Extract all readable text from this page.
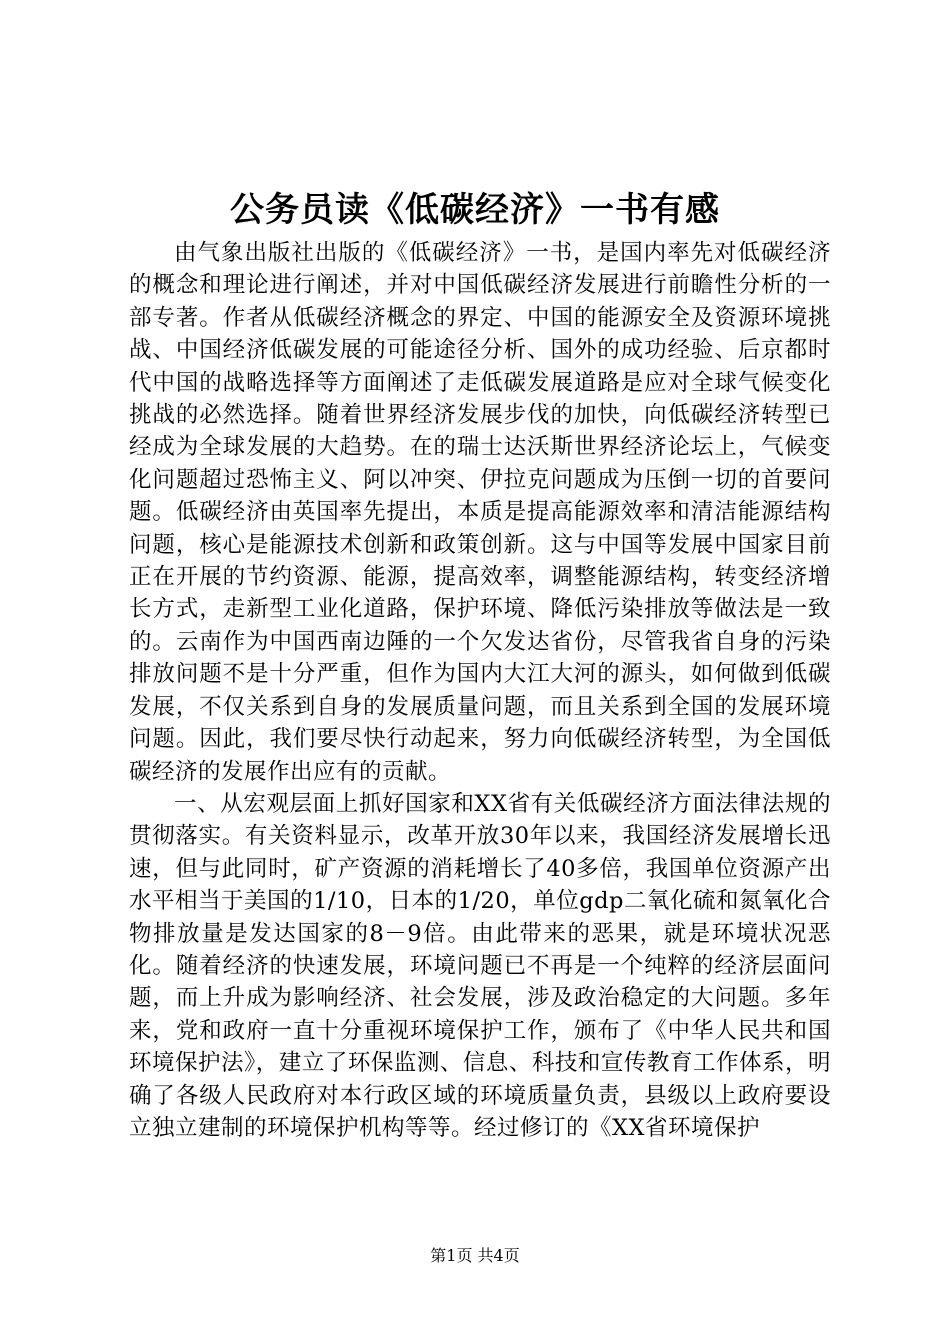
公务员读《低碳经济》一书有感

由气象出版社出版的《低碳经济》一书，是国内率先对低碳经济的概念和理论进行阐述，并对中国低碳经济发展进行前瞻性分析的一部专著。作者从低碳经济概念的界定、中国的能源安全及资源环境挑战、中国经济低碳发展的可能途径分析、国外的成功经验、后京都时代中国的战略选择等方面阐述了走低碳发展道路是应对全球气候变化挑战的必然选择。随着世界经济发展步伐的加快，向低碳经济转型已经成为全球发展的大趋势。在的瑞士达沃斯世界经济论坛上，气候变化问题超过恐怖主义、阿以冲突、伊拉克问题成为压倒一切的首要问题。低碳经济由英国率先提出，本质是提高能源效率和清洁能源结构问题，核心是能源技术创新和政策创新。这与中国等发展中国家目前正在开展的节约资源、能源，提高效率，调整能源结构，转变经济增长方式，走新型工业化道路，保护环境、降低污染排放等做法是一致的。云南作为中国西南边陲的一个欠发达省份，尽管我省自身的污染排放问题不是十分严重，但作为国内大江大河的源头，如何做到低碳发展，不仅关系到自身的发展质量问题，而且关系到全国的发展环境问题。因此，我们要尽快行动起来，努力向低碳经济转型，为全国低碳经济的发展作出应有的贡献。

一、从宏观层面上抓好国家和XX省有关低碳经济方面法律法规的贯彻落实。有关资料显示，改革开放30年以来，我国经济发展增长迅速，但与此同时，矿产资源的消耗增长了40多倍，我国单位资源产出水平相当于美国的1/10，日本的1/20，单位gdp二氧化硫和氮氧化合物排放量是发达国家的8－9倍。由此带来的恶果，就是环境状况恶化。随着经济的快速发展，环境问题已不再是一个纯粹的经济层面问题，而上升成为影响经济、社会发展，涉及政治稳定的大问题。多年来，党和政府一直十分重视环境保护工作，颁布了《中华人民共和国环境保护法》，建立了环保监测、信息、科技和宣传教育工作体系，明确了各级人民政府对本行政区域的环境质量负责，县级以上政府要设立独立建制的环境保护机构等等。经过修订的《XX省环境保护

第1页 共4页
